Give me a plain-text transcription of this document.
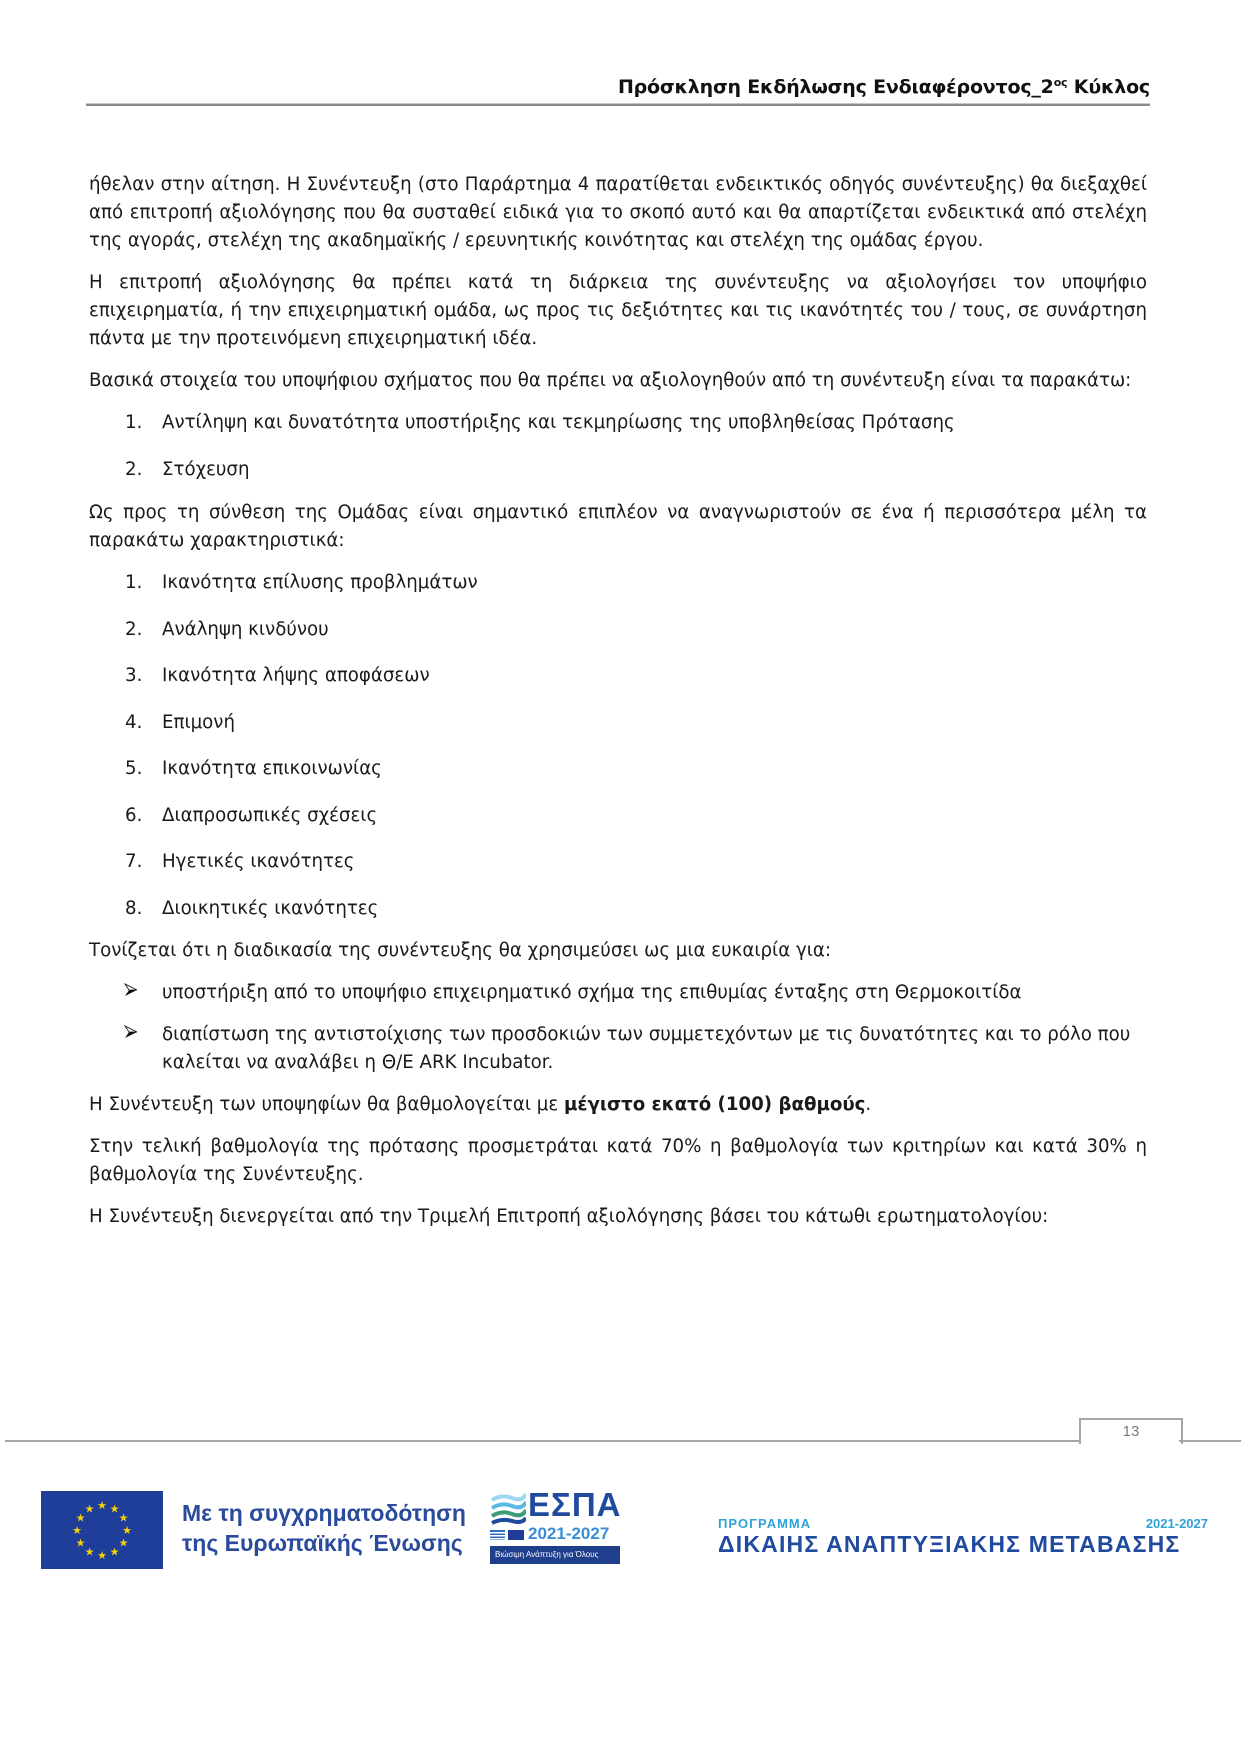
Πρόσκληση Εκδήλωσης $E\nu\delta\iota\alpha\varphi έ\rho o\nu\tau o\varsigma\_2^{o\varsigma}$ Κύκλος

ήθελαν στην αίτηση. Η Συνέντευξη (στο Παράρτημα 4 παρατίθεται ενδεικτικός οδηγός συνέντευξης) θα διεξαχθεί από επιτροπή αξιολόγησης που θα συσταθεί ειδικά για το σκοπό αυτό και θα απαρτίζεται ενδεικτικά από στελέχη της αγοράς, στελέχη της ακαδημαϊκής / ερευνητικής κοινότητας και στελέχη της ομάδας έργου.

Η επιτροπή αξιολόγησης θα πρέπει κατά τη διάρκεια της συνέντευξης να αξιολογήσει τον υποψήφιο επιχειρηματία, ή την επιχειρηματική ομάδα, ως προς τις δεξιότητες και τις ικανότητές του / τους, σε συνάρτηση πάντα με την προτεινόμενη επιχειρηματική ιδέα.

Βασικά στοιχεία του υποψήφιου σχήματος που θα πρέπει να αξιολογηθούν από τη συνέντευξη είναι τα παρακάτω:

1. Αντίληψη και δυνατότητα υποστήριξης και τεκμηρίωσης της υποβληθείσας Πρότασης
2. Στόχευση

Ως προς τη σύνθεση της Ομάδας είναι σημαντικό επιπλέον να αναγνωριστούν σε ένα ή περισσότερα μέλη τα παρακάτω χαρακτηριστικά:

1. Ικανότητα επίλυσης προβλημάτων
2. Ανάληψη κινδύνου
3. Ικανότητα λήψης αποφάσεων
4. Επιμονή
5. Ικανότητα επικοινωνίας
6. Διαπροσωπικές σχέσεις
7. Ηγετικές ικανότητες
8. Διοικητικές ικανότητες

Τονίζεται ότι η διαδικασία της συνέντευξης θα χρησιμεύσει ως μια ευκαιρία για:

υποστήριξη από το υποψήφιο επιχειρηματικό σχήμα της επιθυμίας ένταξης στη Θερμοκοιτίδα
διαπίστωση της αντιστοίχισης των προσδοκιών των συμμετεχόντων με τις δυνατότητες και το ρόλο που καλείται να αναλάβει η Θ/Ε ARK Incubator.

Η Συνέντευξη των υποψηφίων θα βαθμολογείται με μέγιστο εκατό (100) βαθμούς.

Στην τελική βαθμολογία της πρότασης προσμετράται κατά 70% η βαθμολογία των κριτηρίων και κατά 30% η βαθμολογία της Συνέντευξης.

Η Συνέντευξη διενεργείται από την Τριμελή Επιτροπή αξιολόγησης βάσει του κάτωθι ερωτηματολογίου:

13
★ ★
★
★
★
★
★
★
★
★
★
★	Με τη συγχρηματοδότηση
της Ευρωπαϊκής Ένωσης
ΕΣΠΑ
2021-2027
Βιώσιμη Ανάπτυξη για Όλους
ΠΡΟΓΡΑΜΜΑ	2021-2027
ΔΙΚΑΙΗΣ ΑΝΑΠΤΥΞΙΑΚΗΣ ΜΕΤΑΒΑΣΗΣ
